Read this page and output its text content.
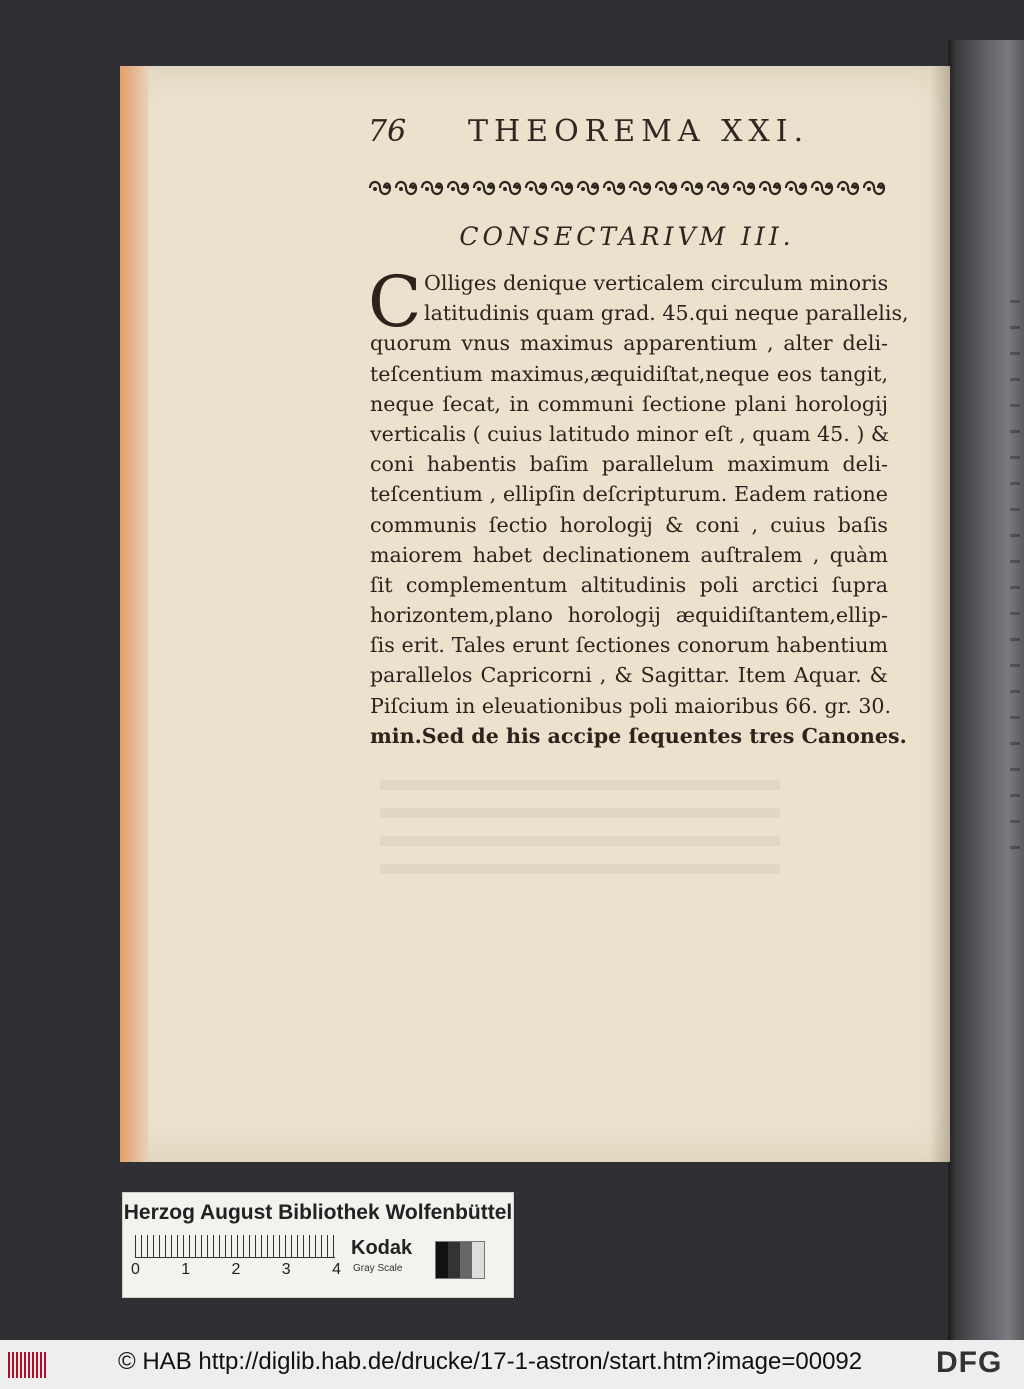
76 THEOREMA XXI.
CONSECTARIVM III.
C Olliges denique verticalem circulum minoris
latitudinis quam grad. 45.qui neque parallelis,
quorum vnus maximus apparentium , alter deli-
teſcentium maximus,æquidiſtat,neque eos tangit,
neque ſecat, in communi ſectione plani horologij
verticalis ( cuius latitudo minor eſt , quam 45. ) &
coni habentis baſim parallelum maximum deli-
teſcentium , ellipſin deſcripturum. Eadem ratione
communis ſectio horologij & coni , cuius baſis
maiorem habet declinationem auſtralem , quàm
ſit complementum altitudinis poli arctici ſupra
horizontem,plano horologij æquidiſtantem,ellip-
ſis erit. Tales erunt ſectiones conorum habentium
parallelos Capricorni , & Sagittar. Item Aquar. &
Piſcium in eleuationibus poli maioribus 66. gr. 30.
min.Sed de his accipe ſequentes tres Canones.
Herzog August Bibliothek Wolfenbüttel
0	1	2	3	4
Kodak
Gray Scale
© HAB http://diglib.hab.de/drucke/17-1-astron/start.htm?image=00092 DFG
